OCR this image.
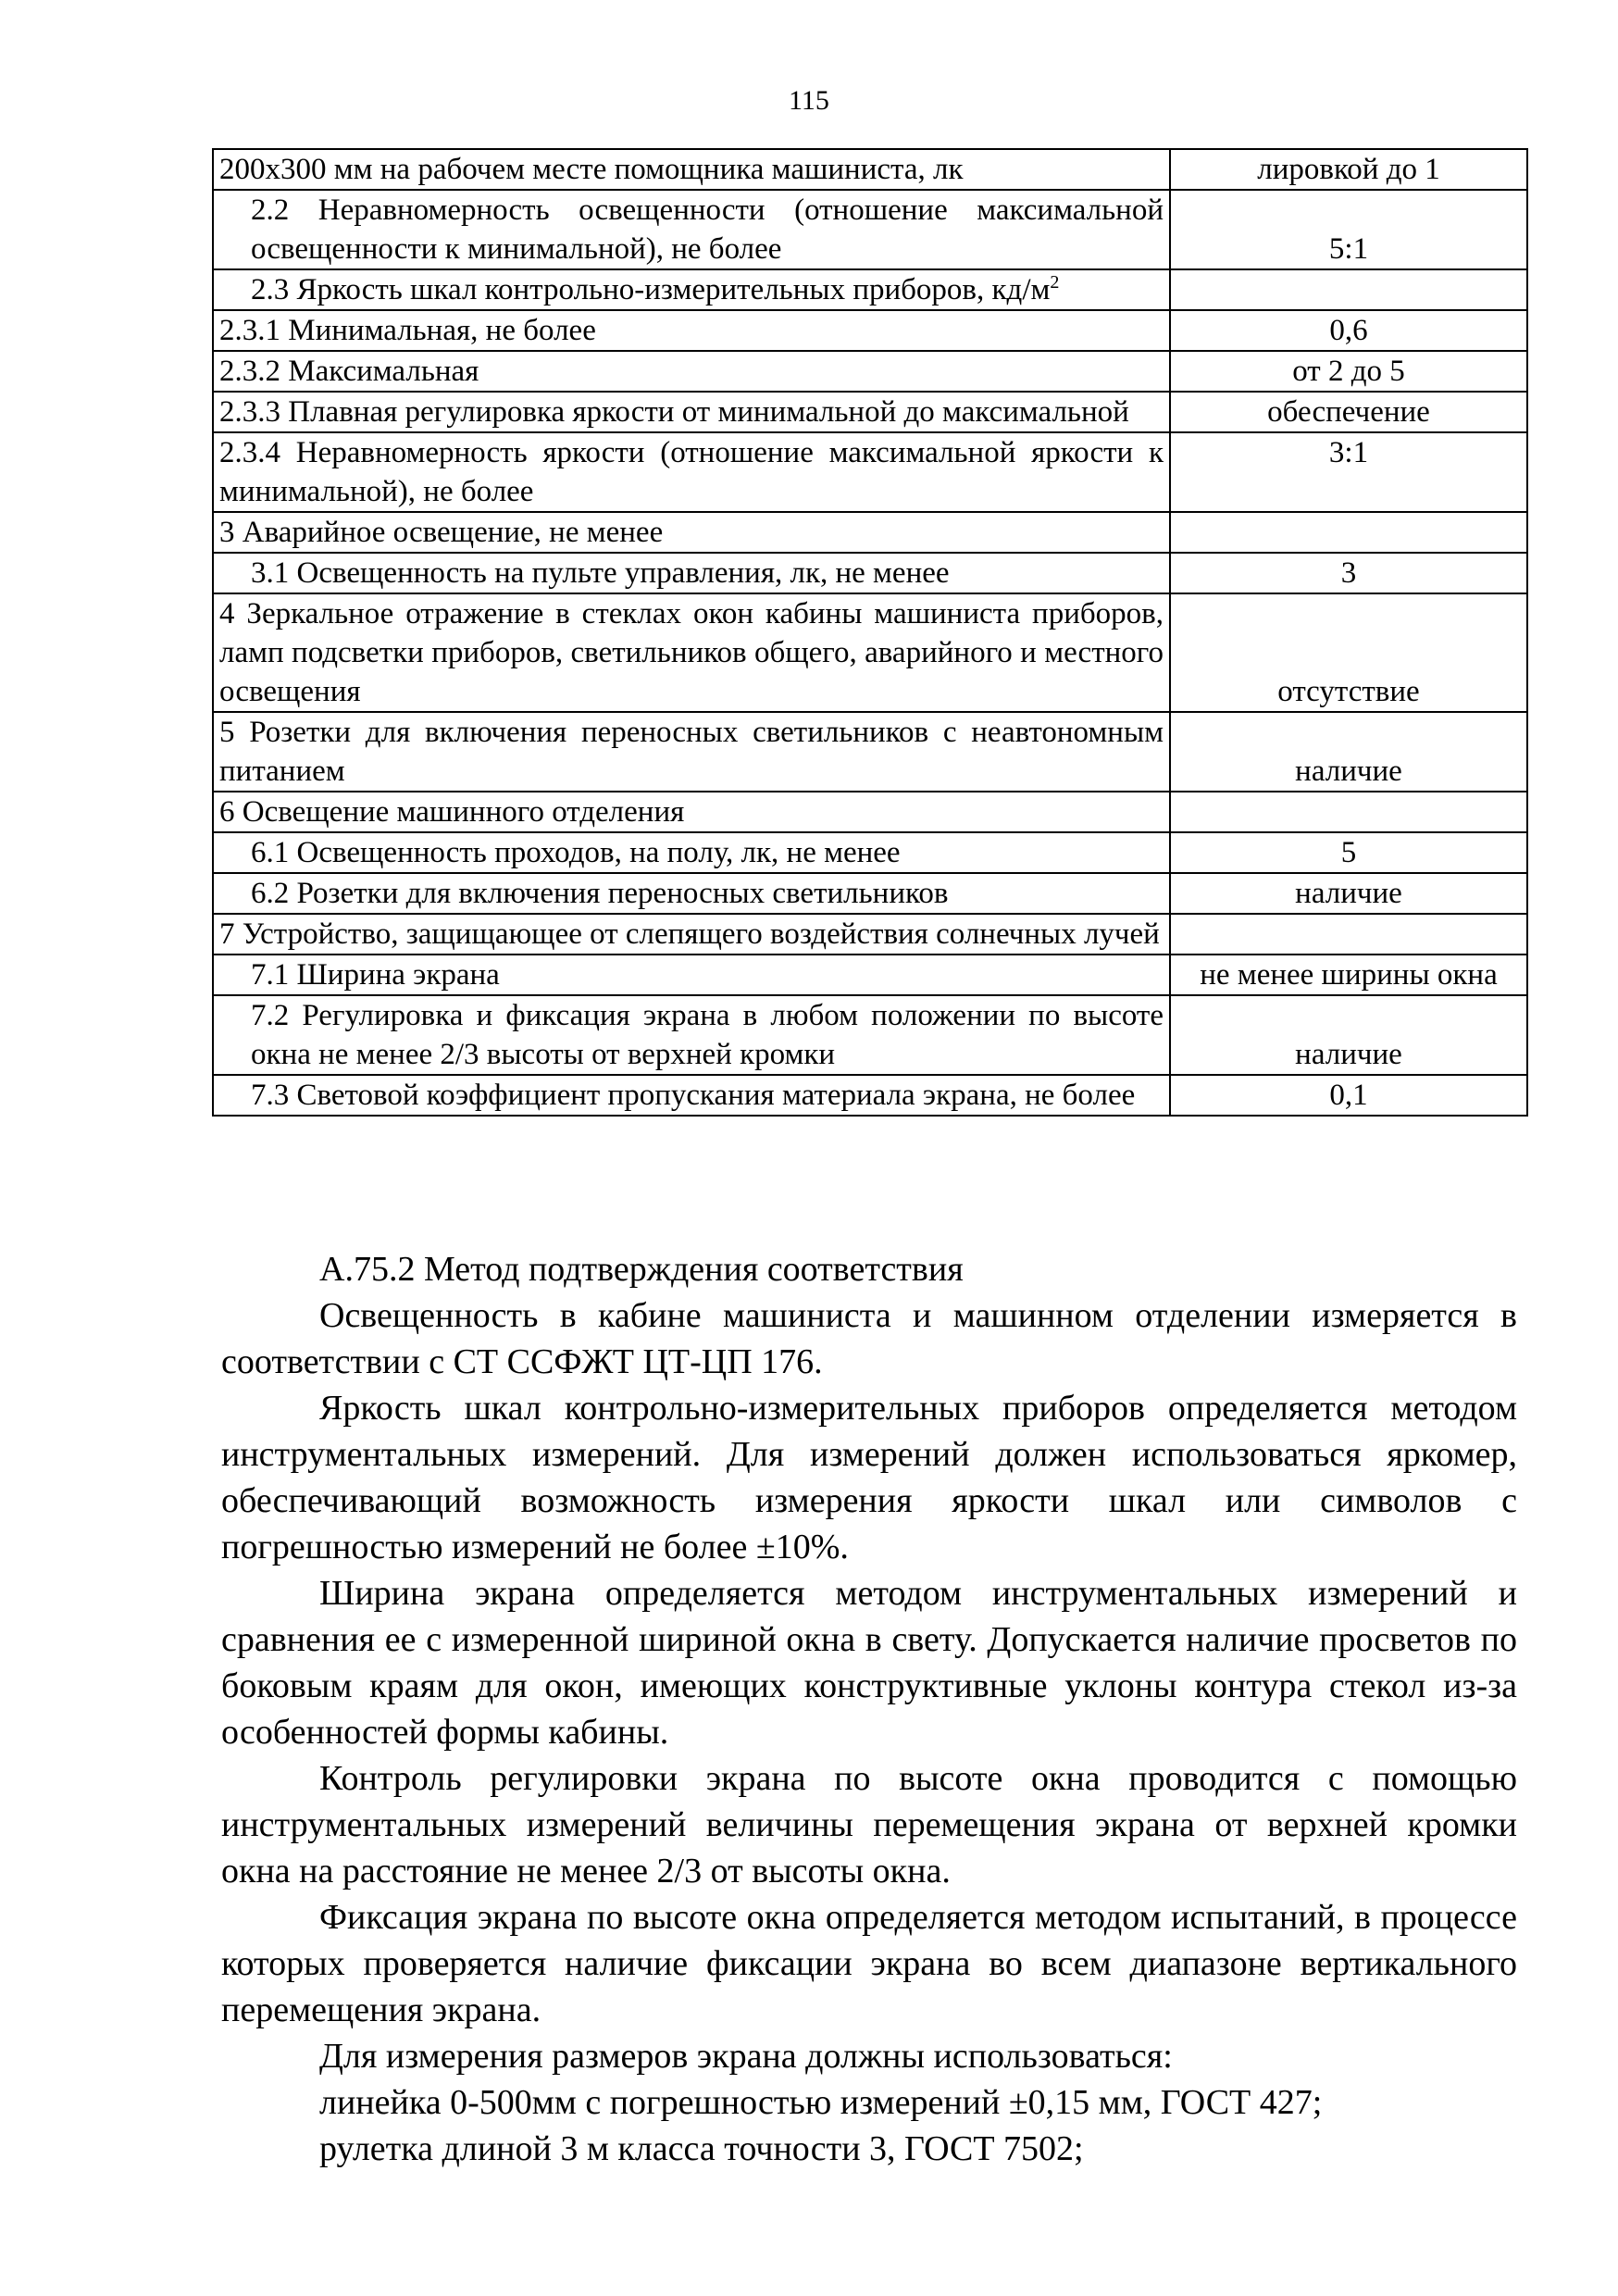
115
200х300 мм на рабочем месте помощника машиниста, лк	лировкой до 1
2.2 Неравномерность освещенности (отношение максимальной освещенности к минимальной), не более	5:1
2.3 Яркость шкал контрольно-измерительных приборов, $кд/м^2$	
2.3.1 Минимальная, не более	0,6
2.3.2 Максимальная	от 2 до 5
2.3.3 Плавная регулировка яркости от минимальной до максимальной	обеспечение
2.3.4 Неравномерность яркости (отношение максимальной яркости к минимальной), не более	3:1
3 Аварийное освещение, не менее	
3.1 Освещенность на пульте управления, лк, не менее	3
4 Зеркальное отражение в стеклах окон кабины машиниста приборов, ламп подсветки приборов, светильников общего, аварийного и местного освещения	отсутствие
5 Розетки для включения переносных светильников с неавтономным питанием	наличие
6 Освещение машинного отделения	
6.1 Освещенность проходов, на полу, лк, не менее	5
6.2 Розетки для включения переносных светильников	наличие
7 Устройство, защищающее от слепящего воздействия солнечных лучей	
7.1 Ширина экрана	не менее ширины окна
7.2 Регулировка и фиксация экрана в любом положении по высоте окна не менее 2/3 высоты от верхней кромки	наличие
7.3 Световой коэффициент пропускания материала экрана, не более	0,1

А.75.2 Метод подтверждения соответствия

Освещенность в кабине машиниста и машинном отделении измеряется в соответствии с СТ ССФЖТ ЦТ-ЦП 176.

Яркость шкал контрольно-измерительных приборов определяется методом инструментальных измерений. Для измерений должен использоваться яркомер, обеспечивающий возможность измерения яркости шкал или символов с погрешностью измерений не более ±10%.

Ширина экрана определяется методом инструментальных измерений и сравнения ее с измеренной шириной окна в свету. Допускается наличие просветов по боковым краям для окон, имеющих конструктивные уклоны контура стекол из-за особенностей формы кабины.

Контроль регулировки экрана по высоте окна проводится с помощью инструментальных измерений величины перемещения экрана от верхней кромки окна на расстояние не менее 2/3 от высоты окна.

Фиксация экрана по высоте окна определяется методом испытаний, в процессе которых проверяется наличие фиксации экрана во всем диапазоне вертикального перемещения экрана.

Для измерения размеров экрана должны использоваться:

линейка 0-500мм с погрешностью измерений ±0,15 мм, ГОСТ 427;

рулетка длиной 3 м класса точности 3, ГОСТ 7502;
